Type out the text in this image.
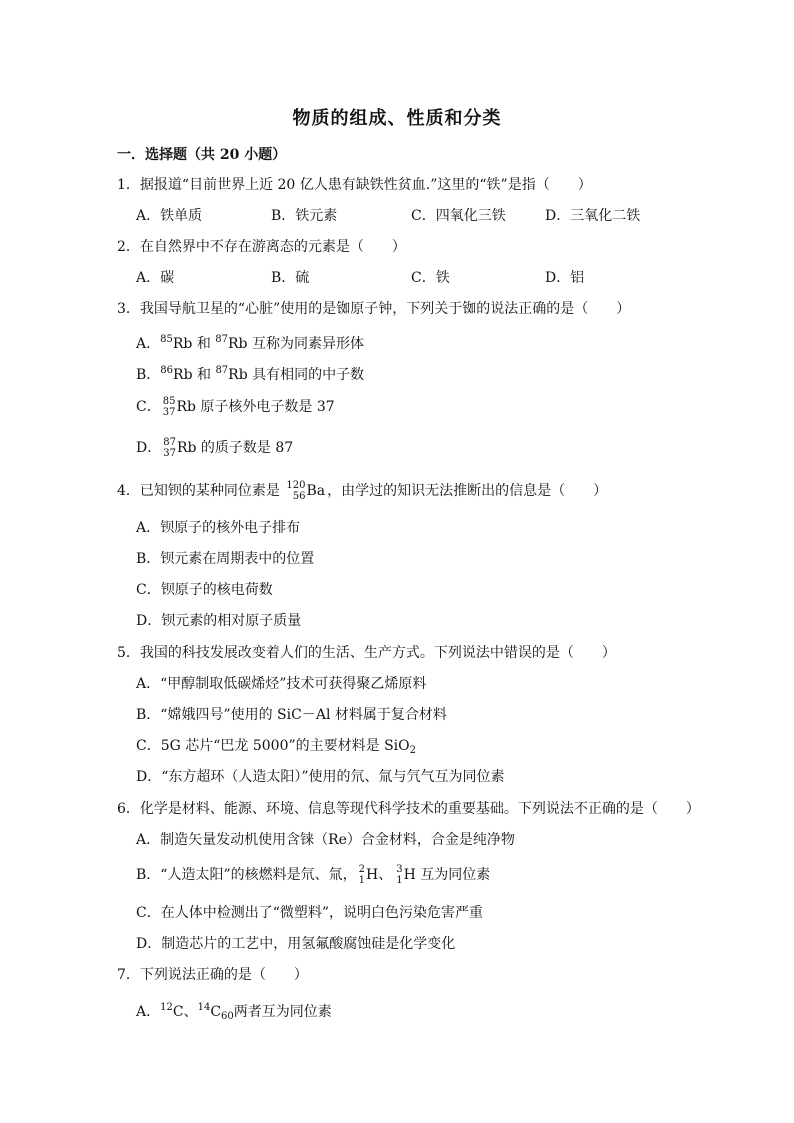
物质的组成、性质和分类
一．选择题（共 20 小题）
1．据报道“目前世界上近 20 亿人患有缺铁性贫血.”这里的“铁”是指（　　）
A．铁单质	B．铁元素	C．四氧化三铁	D．三氧化二铁
2．在自然界中不存在游离态的元素是（　　）
A．碳	B．硫	C．铁	D．铝
3．我国导航卫星的“心脏”使用的是铷原子钟，下列关于铷的说法正确的是（　　）
A．$^{85}$Rb 和 $^{87}$Rb 互称为同素异形体
B．$^{86}$Rb 和 $^{87}$Rb 具有相同的中子数
C． 85
37 Rb 原子核外电子数是 37
D． 87
37 Rb 的质子数是 87
4．已知钡的某种同位素是 120
56 Ba ，由学过的知识无法推断出的信息是（　　）
A．钡原子的核外电子排布
B．钡元素在周期表中的位置
C．钡原子的核电荷数
D．钡元素的相对原子质量
5．我国的科技发展改变着人们的生活、生产方式。下列说法中错误的是（　　）
A．“甲醇制取低碳烯烃”技术可获得聚乙烯原料
B．“嫦娥四号”使用的 SiC－Al 材料属于复合材料
C．5G 芯片“巴龙 5000”的主要材料是 SiO$_2$
D．“东方超环（人造太阳）”使用的氘、氚与氕气互为同位素
6．化学是材料、能源、环境、信息等现代科学技术的重要基础。下列说法不正确的是（　　）
A．制造矢量发动机使用含铼（Re）合金材料，合金是纯净物
B．“人造太阳”的核燃料是氘、氚， 2
1 H、 3
1 H 互为同位素
C．在人体中检测出了“微塑料”，说明白色污染危害严重
D．制造芯片的工艺中，用氢氟酸腐蚀硅是化学变化
7．下列说法正确的是（　　）
A．$^{12}$C、$^{14}C_{60}$两者互为同位素
